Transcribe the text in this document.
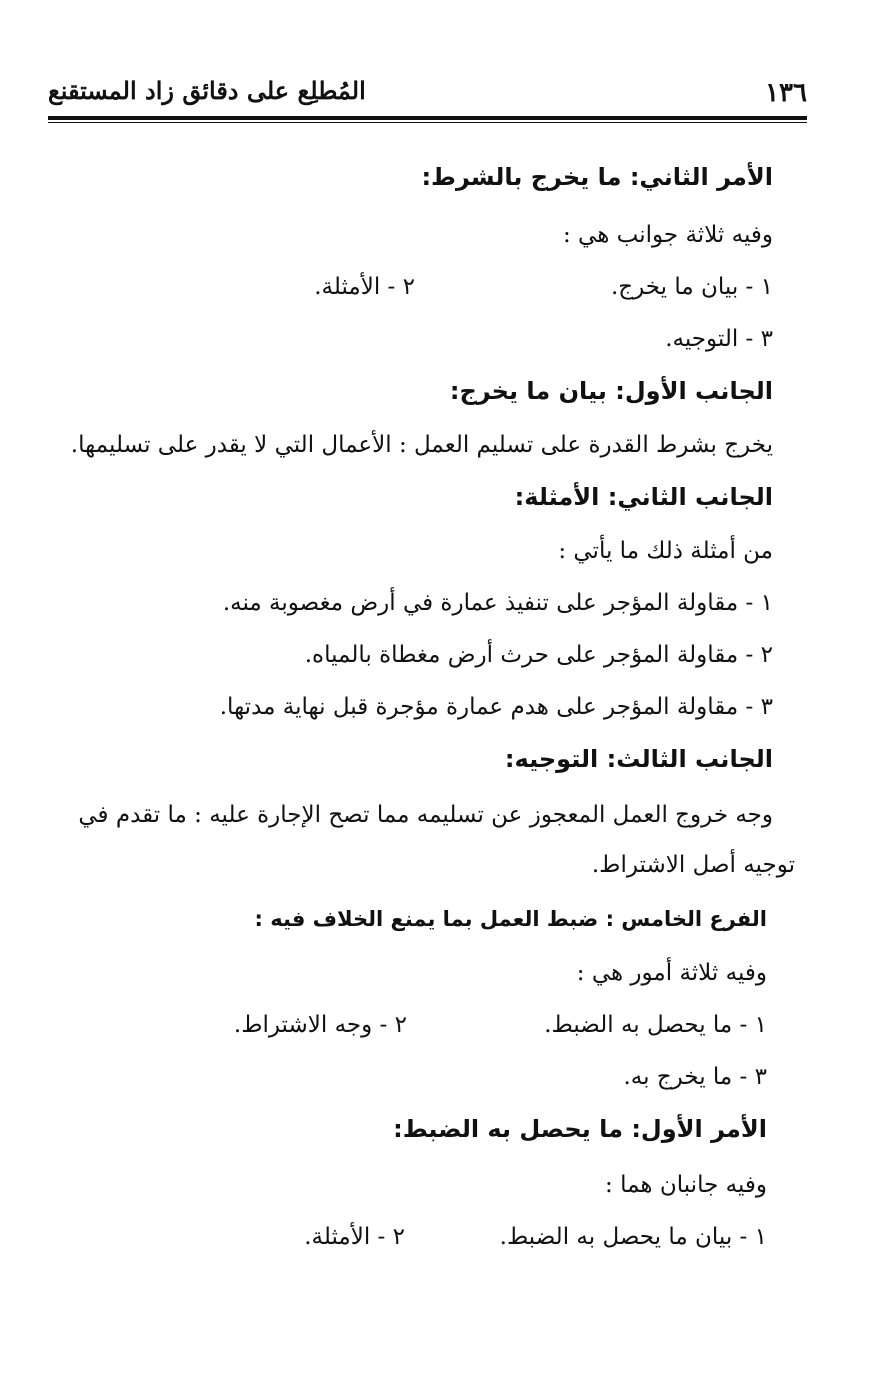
١٣٦
المُطلِع على دقائق زاد المستقنع
الأمر الثاني: ما يخرج بالشرط:
وفيه ثلاثة جوانب هي :
١ - بيان ما يخرج.
٢ - الأمثلة.
٣ - التوجيه.
الجانب الأول: بيان ما يخرج:
يخرج بشرط القدرة على تسليم العمل : الأعمال التي لا يقدر على تسليمها.
الجانب الثاني: الأمثلة:
من أمثلة ذلك ما يأتي :
١ - مقاولة المؤجر على تنفيذ عمارة في أرض مغصوبة منه.
٢ - مقاولة المؤجر على حرث أرض مغطاة بالمياه.
٣ - مقاولة المؤجر على هدم عمارة مؤجرة قبل نهاية مدتها.
الجانب الثالث: التوجيه:
وجه خروج العمل المعجوز عن تسليمه مما تصح الإجارة عليه : ما تقدم في
توجيه أصل الاشتراط.
الفرع الخامس : ضبط العمل بما يمنع الخلاف فيه :
وفيه ثلاثة أمور هي :
١ - ما يحصل به الضبط.
٢ - وجه الاشتراط.
٣ - ما يخرج به.
الأمر الأول: ما يحصل به الضبط:
وفيه جانبان هما :
١ - بيان ما يحصل به الضبط.
٢ - الأمثلة.
